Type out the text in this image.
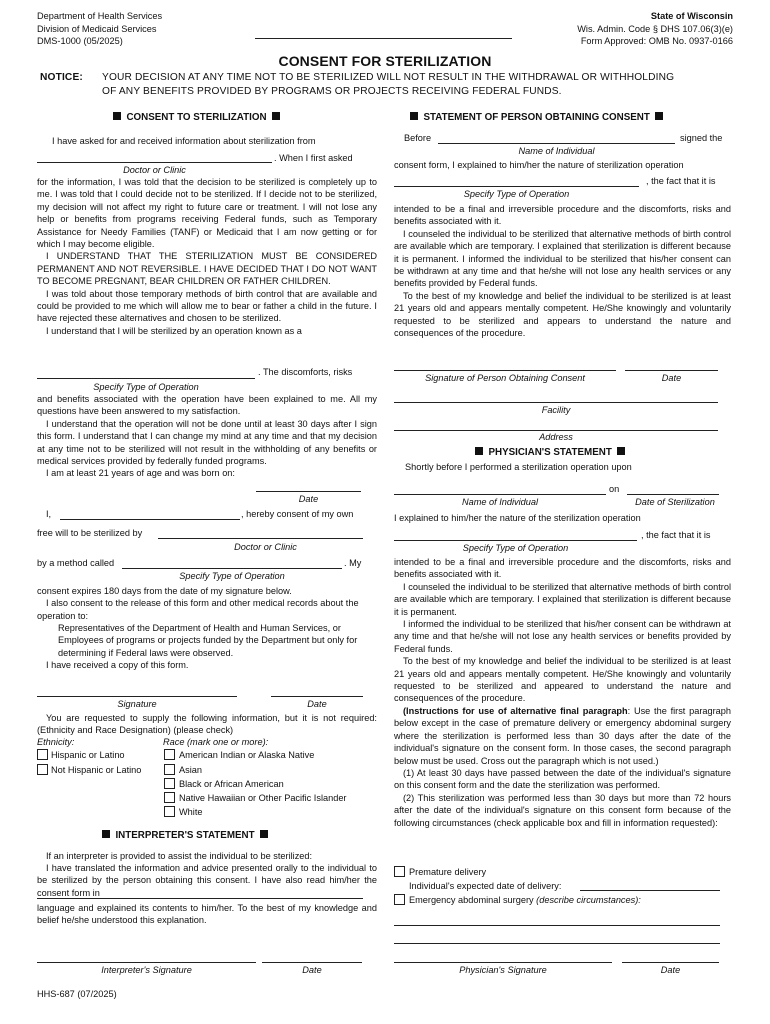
Department of Health Services
Division of Medicaid Services
DMS-1000 (05/2025)
State of Wisconsin
Wis. Admin. Code § DHS 107.06(3)(e)
Form Approved: OMB No. 0937-0166
CONSENT FOR STERILIZATION
NOTICE: YOUR DECISION AT ANY TIME NOT TO BE STERILIZED WILL NOT RESULT IN THE WITHDRAWAL OR WITHHOLDING
OF ANY BENEFITS PROVIDED BY PROGRAMS OR PROJECTS RECEIVING FEDERAL FUNDS.
CONSENT TO STERILIZATION
I have asked for and received information about sterilization from
. When I first asked
Doctor or Clinic

for the information, I was told that the decision to be sterilized is completely up to me. I was told that I could decide not to be sterilized. If I decide not to be sterilized, my decision will not affect my right to future care or treatment. I will not lose any help or benefits from programs receiving Federal funds, such as Temporary Assistance for Needy Families (TANF) or Medicaid that I am now getting or for which I may become eligible.

I UNDERSTAND THAT THE STERILIZATION MUST BE CONSIDERED PERMANENT AND NOT REVERSIBLE. I HAVE DECIDED THAT I DO NOT WANT TO BECOME PREGNANT, BEAR CHILDREN OR FATHER CHILDREN.

I was told about those temporary methods of birth control that are available and could be provided to me which will allow me to bear or father a child in the future. I have rejected these alternatives and chosen to be sterilized.

I understand that I will be sterilized by an operation known as a

. The discomforts, risks
Specify Type of Operation

and benefits associated with the operation have been explained to me. All my questions have been answered to my satisfaction.

I understand that the operation will not be done until at least 30 days after I sign this form. I understand that I can change my mind at any time and that my decision at any time not to be sterilized will not result in the withholding of any benefits or medical services provided by federally funded programs.

I am at least 21 years of age and was born on:

Date
I,	, hereby consent of my own
free will to be sterilized by
Doctor or Clinic
by a method called	. My
Specify Type of Operation

consent expires 180 days from the date of my signature below.

I also consent to the release of this form and other medical records about the operation to:

Representatives of the Department of Health and Human Services, or Employees of programs or projects funded by the Department but only for determining if Federal laws were observed.
I have received a copy of this form.
Signature	Date
You are requested to supply the following information, but it is not required: (Ethnicity and Race Designation) (please check)
Ethnicity:	Race (mark one or more):
Hispanic or Latino
Not Hispanic or Latino
American Indian or Alaska Native
Asian
Black or African American
Native Hawaiian or Other Pacific Islander
White
INTERPRETER'S STATEMENT
If an interpreter is provided to assist the individual to be sterilized:
I have translated the information and advice presented orally to the individual to be sterilized by the person obtaining this consent. I have also read him/her the consent form in
language and explained its contents to him/her. To the best of my knowledge and belief he/she understood this explanation.
Interpreter's Signature	Date
HHS-687 (07/2025)
STATEMENT OF PERSON OBTAINING CONSENT
Before	signed the
Name of Individual
consent form, I explained to him/her the nature of sterilization operation
, the fact that it is
Specify Type of Operation

intended to be a final and irreversible procedure and the discomforts, risks and benefits associated with it.

I counseled the individual to be sterilized that alternative methods of birth control are available which are temporary. I explained that sterilization is different because it is permanent. I informed the individual to be sterilized that his/her consent can be withdrawn at any time and that he/she will not lose any health services or any benefits provided by Federal funds.

To the best of my knowledge and belief the individual to be sterilized is at least 21 years old and appears mentally competent. He/She knowingly and voluntarily requested to be sterilized and appears to understand the nature and consequences of the procedure.

Signature of Person Obtaining Consent	Date
Facility
Address
PHYSICIAN'S STATEMENT
Shortly before I performed a sterilization operation upon
on
Name of Individual	Date of Sterilization
I explained to him/her the nature of the sterilization operation
, the fact that it is
Specify Type of Operation

intended to be a final and irreversible procedure and the discomforts, risks and benefits associated with it.

I counseled the individual to be sterilized that alternative methods of birth control are available which are temporary. I explained that sterilization is different because it is permanent.

I informed the individual to be sterilized that his/her consent can be withdrawn at any time and that he/she will not lose any health services or benefits provided by Federal funds.

To the best of my knowledge and belief the individual to be sterilized is at least 21 years old and appears mentally competent. He/She knowingly and voluntarily requested to be sterilized and appeared to understand the nature and consequences of the procedure.

(Instructions for use of alternative final paragraph: Use the first paragraph below except in the case of premature delivery or emergency abdominal surgery where the sterilization is performed less than 30 days after the date of the individual's signature on the consent form. In those cases, the second paragraph below must be used. Cross out the paragraph which is not used.)

(1) At least 30 days have passed between the date of the individual's signature on this consent form and the date the sterilization was performed.

(2) This sterilization was performed less than 30 days but more than 72 hours after the date of the individual's signature on this consent form because of the following circumstances (check applicable box and fill in information requested):

Premature delivery
Individual's expected date of delivery:
Emergency abdominal surgery (describe circumstances):
Physician's Signature	Date
